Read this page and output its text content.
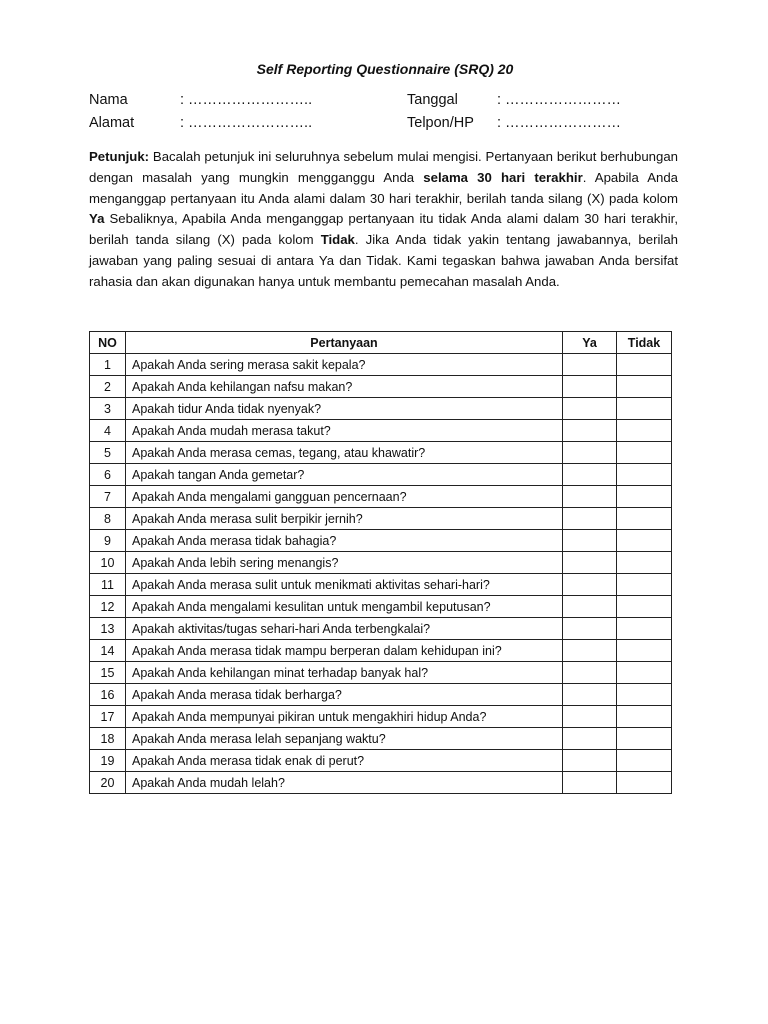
Self Reporting Questionnaire (SRQ) 20
Nama	: ……………………..
Alamat	: ……………………..
Tanggal	: ……………………
Telpon/HP : ……………………
Petunjuk: Bacalah petunjuk ini seluruhnya sebelum mulai mengisi. Pertanyaan berikut berhubungan dengan masalah yang mungkin mengganggu Anda selama 30 hari terakhir. Apabila Anda menganggap pertanyaan itu Anda alami dalam 30 hari terakhir, berilah tanda silang (X) pada kolom Ya Sebaliknya, Apabila Anda menganggap pertanyaan itu tidak Anda alami dalam 30 hari terakhir, berilah tanda silang (X) pada kolom Tidak. Jika Anda tidak yakin tentang jawabannya, berilah jawaban yang paling sesuai di antara Ya dan Tidak. Kami tegaskan bahwa jawaban Anda bersifat rahasia dan akan digunakan hanya untuk membantu pemecahan masalah Anda.
NO	Pertanyaan	Ya	Tidak
1	Apakah Anda sering merasa sakit kepala?		
2	Apakah Anda kehilangan nafsu makan?		
3	Apakah tidur Anda tidak nyenyak?		
4	Apakah Anda mudah merasa takut?		
5	Apakah Anda merasa cemas, tegang, atau khawatir?		
6	Apakah tangan Anda gemetar?		
7	Apakah Anda mengalami gangguan pencernaan?		
8	Apakah Anda merasa sulit berpikir jernih?		
9	Apakah Anda merasa tidak bahagia?		
10	Apakah Anda lebih sering menangis?		
11	Apakah Anda merasa sulit untuk menikmati aktivitas sehari-hari?		
12	Apakah Anda mengalami kesulitan untuk mengambil keputusan?		
13	Apakah aktivitas/tugas sehari-hari Anda terbengkalai?		
14	Apakah Anda merasa tidak mampu berperan dalam kehidupan ini?		
15	Apakah Anda kehilangan minat terhadap banyak hal?		
16	Apakah Anda merasa tidak berharga?		
17	Apakah Anda mempunyai pikiran untuk mengakhiri hidup Anda?		
18	Apakah Anda merasa lelah sepanjang waktu?		
19	Apakah Anda merasa tidak enak di perut?		
20	Apakah Anda mudah lelah?		
